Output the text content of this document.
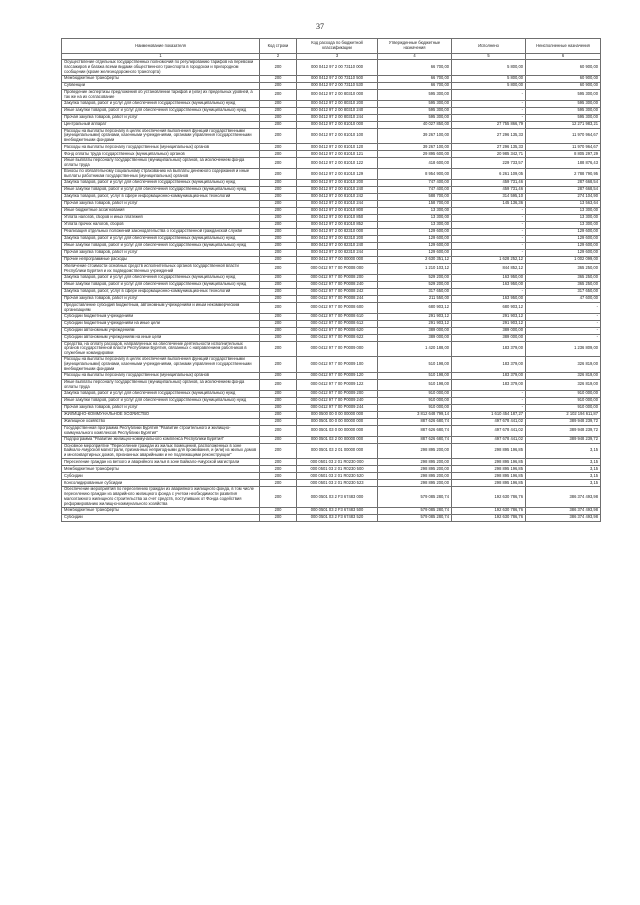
37
Наименование показателя	Код строки	Код расхода по бюджетной классификации	Утвержденные бюджетные назначения	Исполнено	Неисполненные назначения
1	2	3	4	5	6
Осуществление отдельных государственных полномочий по регулированию тарифов на перевозки пассажиров и багажа всеми видами общественного транспорта в городском и пригородном сообщении (кроме железнодорожного транспорта)	200	000 0412 97 2 00 73110 000	66 700,00	5 800,00	60 900,00
Межбюджетные трансферты	200	000 0412 97 2 00 73110 500	66 700,00	5 800,00	60 900,00
Субвенции	200	000 0412 97 2 00 73110 530	66 700,00	5 800,00	60 900,00
Проведение экспертизы предложений об установлении тарифов и (или) их предельных уровней, а так же на их согласование	200	000 0412 97 2 00 80310 000	595 300,00	-	595 300,00
Закупка товаров, работ и услуг для обеспечения государственных (муниципальных) нужд	200	000 0412 97 2 00 80310 200	595 300,00	-	595 300,00
Иные закупки товаров, работ и услуг для обеспечения государственных (муниципальных) нужд	200	000 0412 97 2 00 80310 240	595 300,00	-	595 300,00
Прочая закупка товаров, работ и услуг	200	000 0412 97 2 00 80310 244	595 300,00	-	595 300,00
Центральный аппарат	200	000 0412 97 2 00 81010 000	40 027 850,00	27 755 866,79	12 271 983,21
Расходы на выплаты персоналу в целях обеспечения выполнения функций государственными (муниципальными) органами, казенными учреждениями, органами управления государственными внебюджетными фондами	200	000 0412 97 2 00 81010 100	39 267 100,00	27 296 135,33	11 970 964,67
Расходы на выплаты персоналу государственных (муниципальных) органов	200	000 0412 97 2 00 81010 120	39 267 100,00	27 296 135,33	11 970 964,67
Фонд оплаты труда государственных (муниципальных) органов	200	000 0412 97 2 00 81010 121	29 895 600,00	20 985 342,71	8 805 297,29
Иные выплаты персоналу государственных (муниципальных) органов, за исключением фонда оплаты труда	200	000 0412 97 2 00 81010 122	418 600,00	229 733,57	188 876,43
Взносы по обязательному социальному страхованию на выплаты денежного содержания и иные выплаты работникам государственных (муниципальных) органов	200	000 0412 97 2 00 81010 129	8 954 900,00	6 261 109,05	2 788 790,95
Закупка товаров, работ и услуг для обеспечения государственных (муниципальных) нужд	200	000 0412 97 2 00 81010 200	747 400,00	459 731,46	287 668,54
Иные закупки товаров, работ и услуг для обеспечения государственных (муниципальных) нужд	200	000 0412 97 2 00 81010 240	747 400,00	459 731,46	287 668,54
Закупка товаров, работ, услуг в сфере информационно-коммуникационных технологий	200	000 0412 97 2 00 81010 242	588 700,00	314 595,10	274 104,90
Прочая закупка товаров, работ и услуг	200	000 0412 97 2 00 81010 244	158 700,00	145 136,36	13 563,64
Иные бюджетные ассигнования	200	000 0412 97 2 00 81010 800	13 300,00	-	13 300,00
Уплата налогов, сборов и иных платежей	200	000 0412 97 2 00 81010 850	13 300,00	-	13 300,00
Уплата прочих налогов, сборов	200	000 0412 97 2 00 81010 852	13 300,00	-	13 300,00
Реализация отдельных положений законодательства о государственной гражданской службе	200	000 0412 97 2 00 82310 000	129 600,00	-	129 600,00
Закупка товаров, работ и услуг для обеспечения государственных (муниципальных) нужд	200	000 0412 97 2 00 82310 200	129 600,00	-	129 600,00
Иные закупки товаров, работ и услуг для обеспечения государственных (муниципальных) нужд	200	000 0412 97 2 00 82310 240	129 600,00	-	129 600,00
Прочая закупка товаров, работ и услуг	200	000 0412 97 2 00 82310 244	129 600,00	-	129 600,00
Прочие непрограммные расходы	200	000 0412 97 7 00 00000 000	2 630 351,12	1 628 252,12	1 002 099,00
Увеличение стоимости основных средств исполнительных органов государственной власти Республики Бурятия и их подведомственных учреждений	200	000 0412 97 7 00 P0008 000	1 210 103,12	844 852,12	365 250,00
Закупка товаров, работ и услуг для обеспечения государственных (муниципальных) нужд	200	000 0412 97 7 00 P0008 200	529 200,00	163 950,00	365 250,00
Иные закупки товаров, работ и услуг для обеспечения государственных (муниципальных) нужд	200	000 0412 97 7 00 P0008 240	529 200,00	163 950,00	365 250,00
Закупка товаров, работ, услуг в сфере информационно-коммуникационных технологий	200	000 0412 97 7 00 P0008 242	317 650,00	-	317 650,00
Прочая закупка товаров, работ и услуг	200	000 0412 97 7 00 P0008 244	211 550,00	163 950,00	47 600,00
Предоставление субсидий бюджетным, автономным учреждениям и иным некоммерческим организациям	200	000 0412 97 7 00 P0008 600	680 903,12	680 903,12	-
Субсидии бюджетным учреждениям	200	000 0412 97 7 00 P0008 610	291 903,12	291 903,12	-
Субсидии бюджетным учреждениям на иные цели	200	000 0412 97 7 00 P0008 612	291 903,12	291 903,12	-
Субсидии автономным учреждениям	200	000 0412 97 7 00 P0008 620	389 000,00	389 000,00	-
Субсидии автономным учреждениям на иные цели	200	000 0412 97 7 00 P0008 622	389 000,00	389 000,00	-
Средства, на оплату расходов, направленных на обеспечение деятельности исполнительных органов государственной власти Республики Бурятия, связанных с направлением работников в служебные командировки	200	000 0412 97 7 00 P0009 000	1 420 188,00	183 379,00	1 236 809,00
Расходы на выплаты персоналу в целях обеспечения выполнения функций государственными (муниципальными) органами, казенными учреждениями, органами управления государственными внебюджетными фондами	200	000 0412 97 7 00 P0009 100	510 198,00	183 379,00	326 819,00
Расходы на выплаты персоналу государственных (муниципальных) органов	200	000 0412 97 7 00 P0009 120	510 198,00	183 379,00	326 819,00
Иные выплаты персоналу государственных (муниципальных) органов, за исключением фонда оплаты труда	200	000 0412 97 7 00 P0009 122	510 198,00	183 379,00	326 819,00
Закупка товаров, работ и услуг для обеспечения государственных (муниципальных) нужд	200	000 0412 97 7 00 P0009 200	910 000,00	-	910 000,00
Иные закупки товаров, работ и услуг для обеспечения государственных (муниципальных) нужд	200	000 0412 97 7 00 P0009 240	910 000,00	-	910 000,00
Прочая закупка товаров, работ и услуг	200	000 0412 97 7 00 P0009 244	910 000,00	-	910 000,00
ЖИЛИЩНО-КОММУНАЛЬНОЕ ХОЗЯЙСТВО	200	000 0500 00 0 00 00000 000	3 812 648 799,14	1 610 454 187,27	2 102 194 611,87
Жилищное хозяйство	200	000 0501 00 0 00 00000 000	887 626 680,74	497 678 441,02	389 948 239,72
Государственная программа Республики Бурятия "Развитие строительного и жилищно-коммунального комплексов Республики Бурятия"	200	000 0501 03 0 00 00000 000	887 626 680,74	497 678 441,02	389 948 239,72
Подпрограмма "Развитие жилищно-коммунального комплекса Республики Бурятия"	200	000 0501 03 2 00 00000 000	887 626 680,74	497 678 441,02	389 948 239,72
Основное мероприятие "Переселение граждан из жилых помещений, расположенных в зоне Байкало-Амурской магистрали, признанных непригодными для проживания, и (или) из жилых домов и многоквартирных домов, признанных аварийными и не подлежащими реконструкции"	200	000 0501 03 2 01 00000 000	298 895 200,00	298 895 196,85	3,15
Переселение граждан из ветхого и аварийного жилья в зоне Байкало-Амурской магистрали	200	000 0501 03 2 01 R0230 000	298 895 200,00	298 895 196,85	3,15
Межбюджетные трансферты	200	000 0501 03 2 01 R0230 500	298 895 200,00	298 895 196,85	3,15
Субсидии	200	000 0501 03 2 01 R0230 520	298 895 200,00	298 895 196,85	3,15
Консолидированные субсидии	200	000 0501 03 2 01 R0230 523	298 895 200,00	298 895 196,85	3,15
Обеспечение мероприятий по переселению граждан из аварийного жилищного фонда, в том числе переселению граждан из аварийного жилищного фонда с учетом необходимости развития малоэтажного жилищного строительства за счет средств, поступивших от Фонда содействия реформированию жилищно-коммунального хозяйства	200	000 0501 03 2 F3 67483 000	579 085 280,74	192 630 786,76	386 374 493,98
Межбюджетные трансферты	200	000 0501 03 2 F3 67483 500	579 085 280,74	192 630 786,76	386 374 493,98
Субсидии	200	000 0501 03 2 F3 67483 520	579 085 280,74	192 630 786,76	386 374 493,98
